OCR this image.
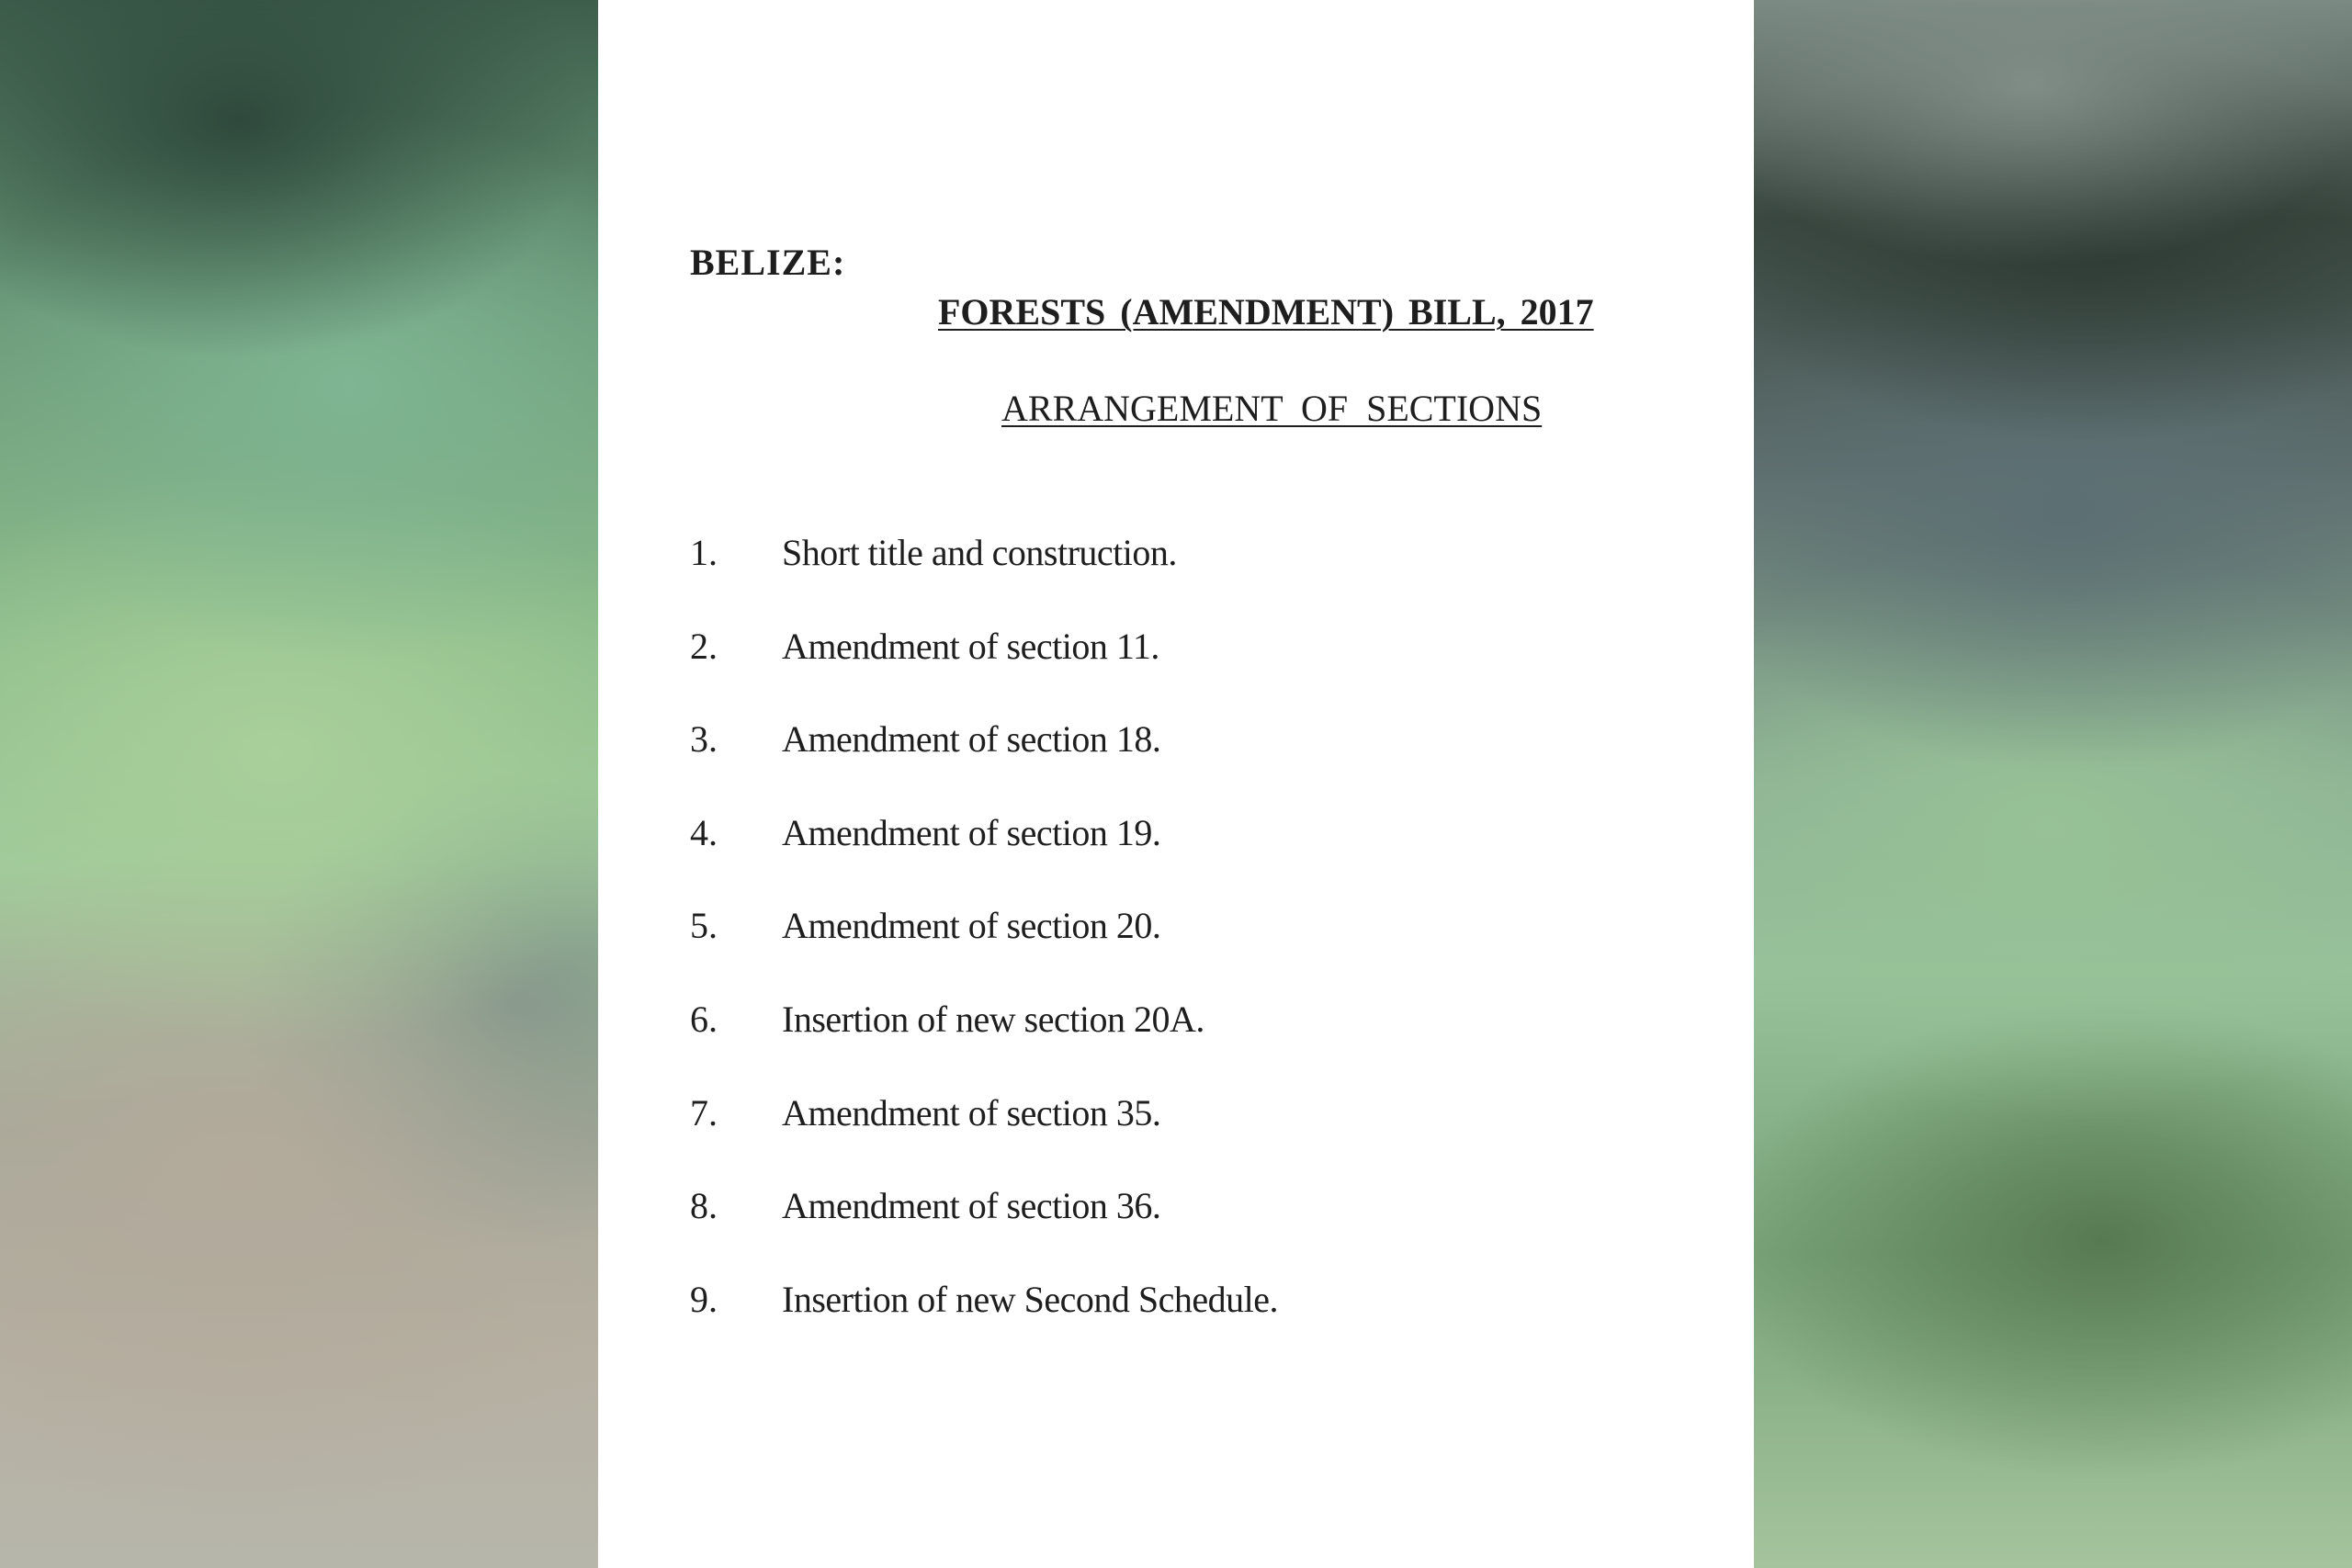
BELIZE:
FORESTS (AMENDMENT) BILL, 2017
ARRANGEMENT OF SECTIONS
1.	Short title and construction.
2.	Amendment of section 11.
3.	Amendment of section 18.
4.	Amendment of section 19.
5.	Amendment of section 20.
6.	Insertion of new section 20A.
7.	Amendment of section 35.
8.	Amendment of section 36.
9.	Insertion of new Second Schedule.
